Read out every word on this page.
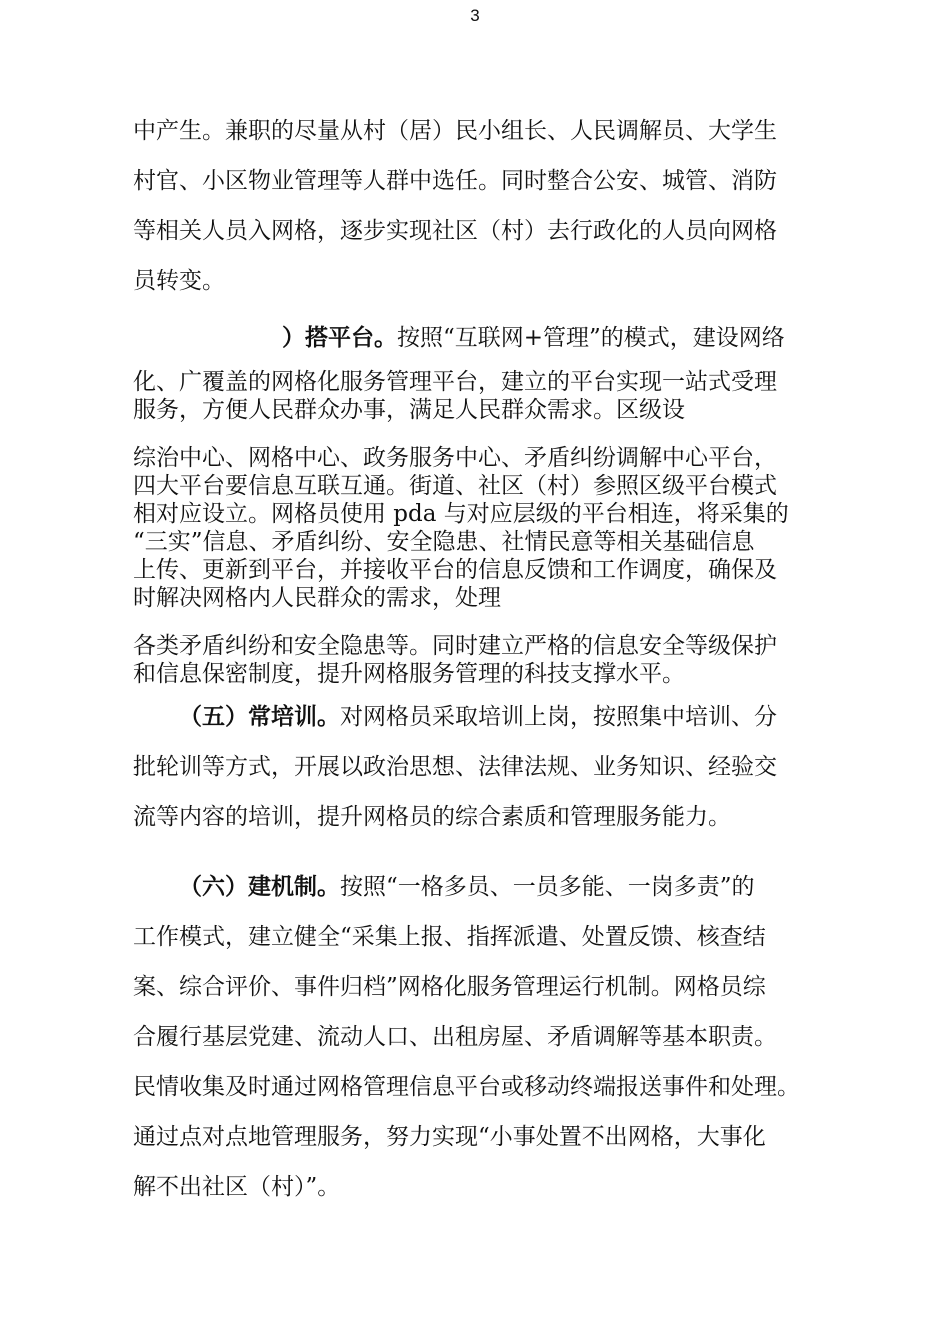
3

中产生。兼职的尽量从村（居）民小组长、人民调解员、大学生
村官、小区物业管理等人群中选任。同时整合公安、城管、消防
等相关人员入网格，逐步实现社区（村）去行政化的人员向网格
员转变。

）搭平台。按照“互联网+管理”的模式，建设网络

化、广覆盖的网格化服务管理平台，建立的平台实现一站式受理
服务，方便人民群众办事，满足人民群众需求。区级设

综治中心、网格中心、政务服务中心、矛盾纠纷调解中心平台，
四大平台要信息互联互通。街道、社区（村）参照区级平台模式
相对应设立。网格员使用 pda 与对应层级的平台相连，将采集的
“三实”信息、矛盾纠纷、安全隐患、社情民意等相关基础信息
上传、更新到平台，并接收平台的信息反馈和工作调度，确保及
时解决网格内人民群众的需求，处理

各类矛盾纠纷和安全隐患等。同时建立严格的信息安全等级保护
和信息保密制度，提升网格服务管理的科技支撑水平。

（五）常培训。对网格员采取培训上岗，按照集中培训、分
批轮训等方式，开展以政治思想、法律法规、业务知识、经验交
流等内容的培训，提升网格员的综合素质和管理服务能力。

（六）建机制。按照“一格多员、一员多能、一岗多责”的
工作模式，建立健全“采集上报、指挥派遣、处置反馈、核查结
案、综合评价、事件归档”网格化服务管理运行机制。网格员综
合履行基层党建、流动人口、出租房屋、矛盾调解等基本职责。
民情收集及时通过网格管理信息平台或移动终端报送事件和处理。
通过点对点地管理服务，努力实现“小事处置不出网格，大事化
解不出社区（村）”。
